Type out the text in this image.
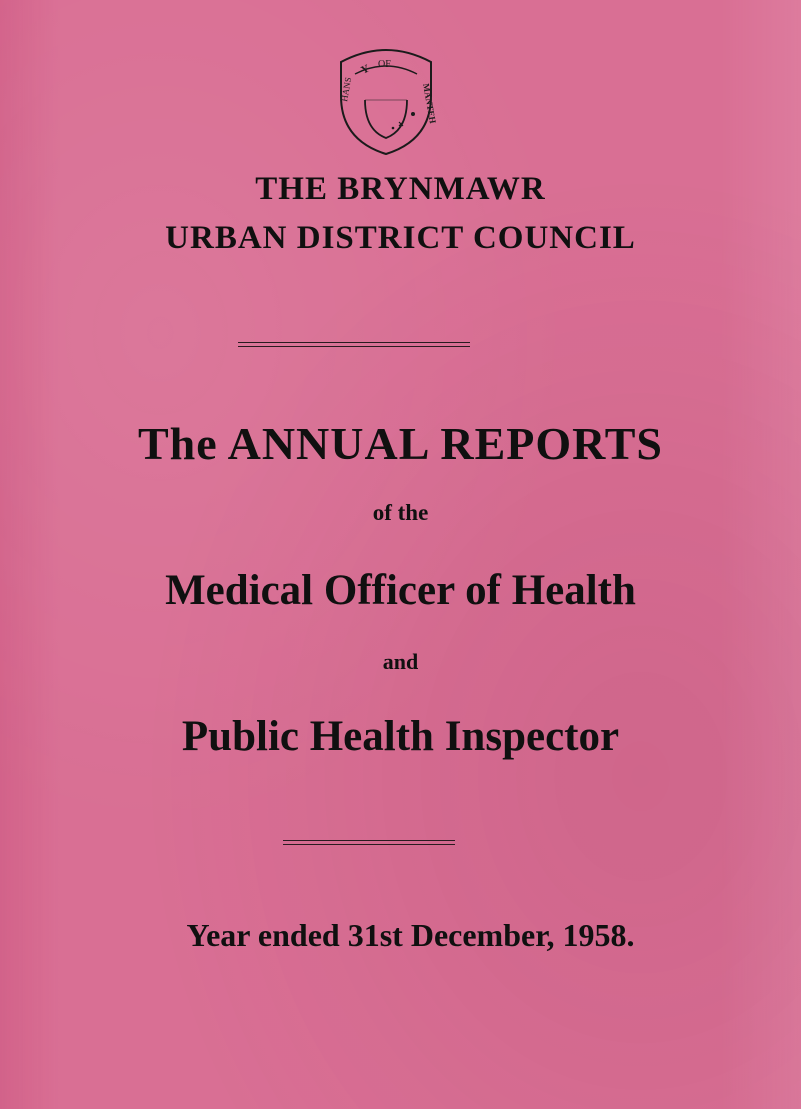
Y OF
HANS	MANTEH
THE BRYNMAWR
URBAN DISTRICT COUNCIL
The ANNUAL REPORTS
of the
Medical Officer of Health
and
Public Health Inspector
Year ended 31st December, 1958.
